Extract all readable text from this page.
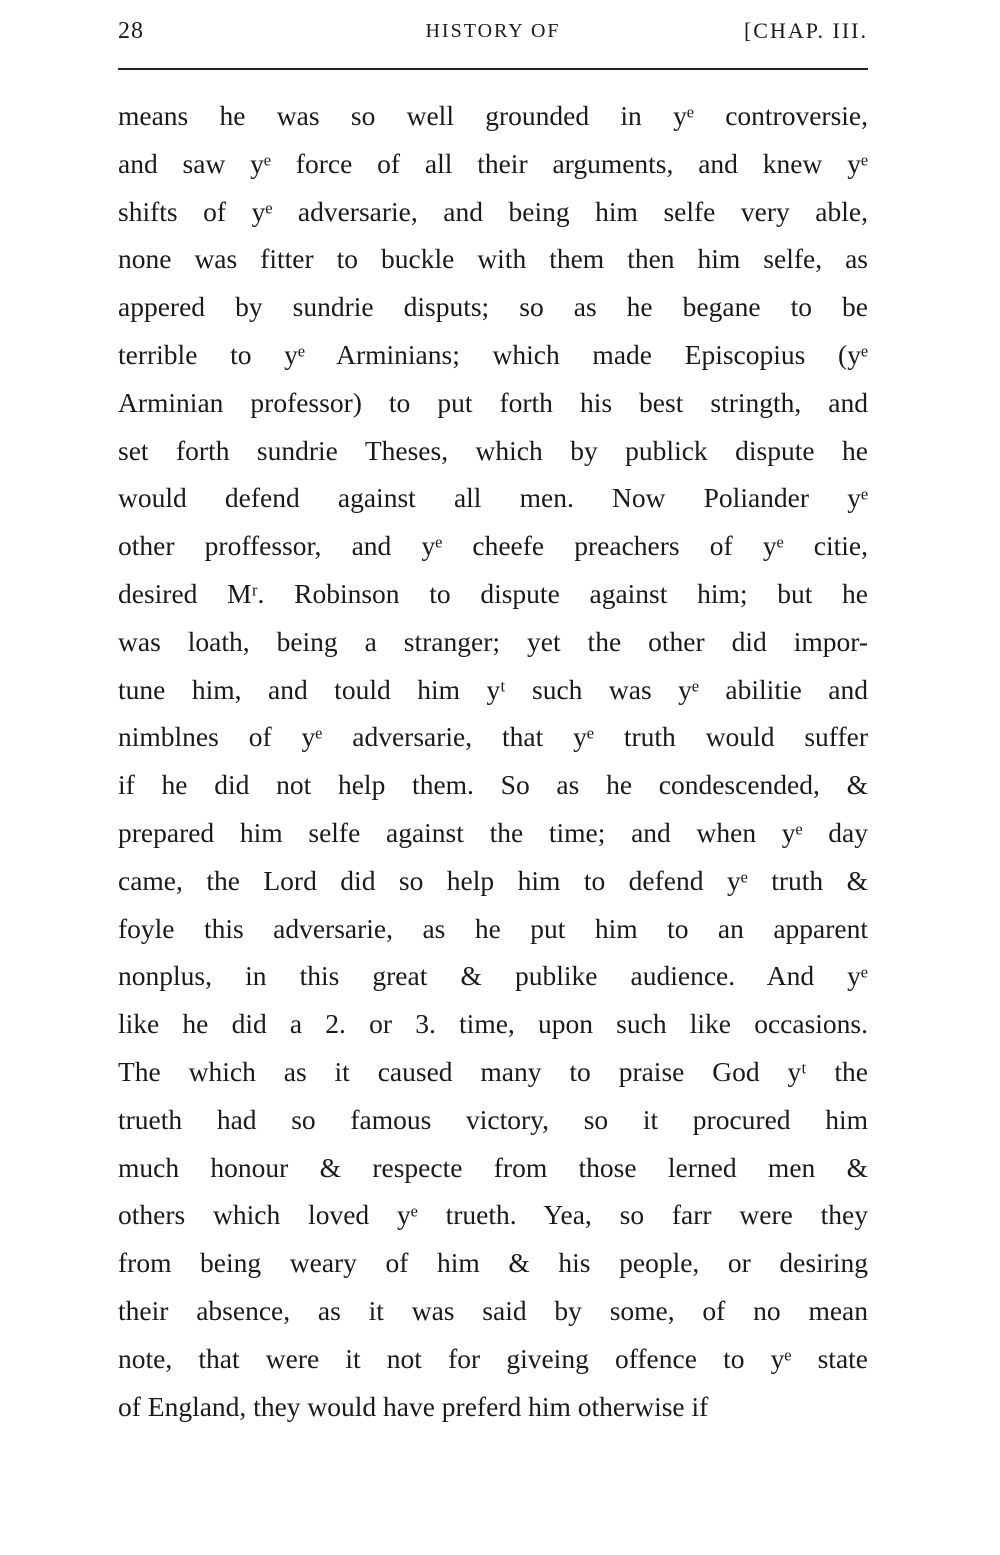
28	HISTORY OF	[CHAP. III.
means he was so well grounded in yᵉ controversie,
and saw yᵉ force of all their arguments, and knew yᵉ
shifts of yᵉ adversarie, and being him selfe very able,
none was fitter to buckle with them then him selfe, as
appered by sundrie disputs; so as he begane to be
terrible to yᵉ Arminians; which made Episcopius (yᵉ
Arminian professor) to put forth his best stringth, and
set forth sundrie Theses, which by publick dispute he
would defend against all men. Now Poliander yᵉ
other proffessor, and yᵉ cheefe preachers of yᵉ citie,
desired Mʳ. Robinson to dispute against him; but he
was loath, being a stranger; yet the other did impor-
tune him, and tould him yᵗ such was yᵉ abilitie and
nimblnes of yᵉ adversarie, that yᵉ truth would suffer
if he did not help them. So as he condescended, &
prepared him selfe against the time; and when yᵉ day
came, the Lord did so help him to defend yᵉ truth &
foyle this adversarie, as he put him to an apparent
nonplus, in this great & publike audience. And yᵉ
like he did a 2. or 3. time, upon such like occasions.
The which as it caused many to praise God yᵗ the
trueth had so famous victory, so it procured him
much honour & respecte from those lerned men &
others which loved yᵉ trueth. Yea, so farr were they
from being weary of him & his people, or desiring
their absence, as it was said by some, of no mean
note, that were it not for giveing offence to yᵉ state
of England, they would have preferd him otherwise if
